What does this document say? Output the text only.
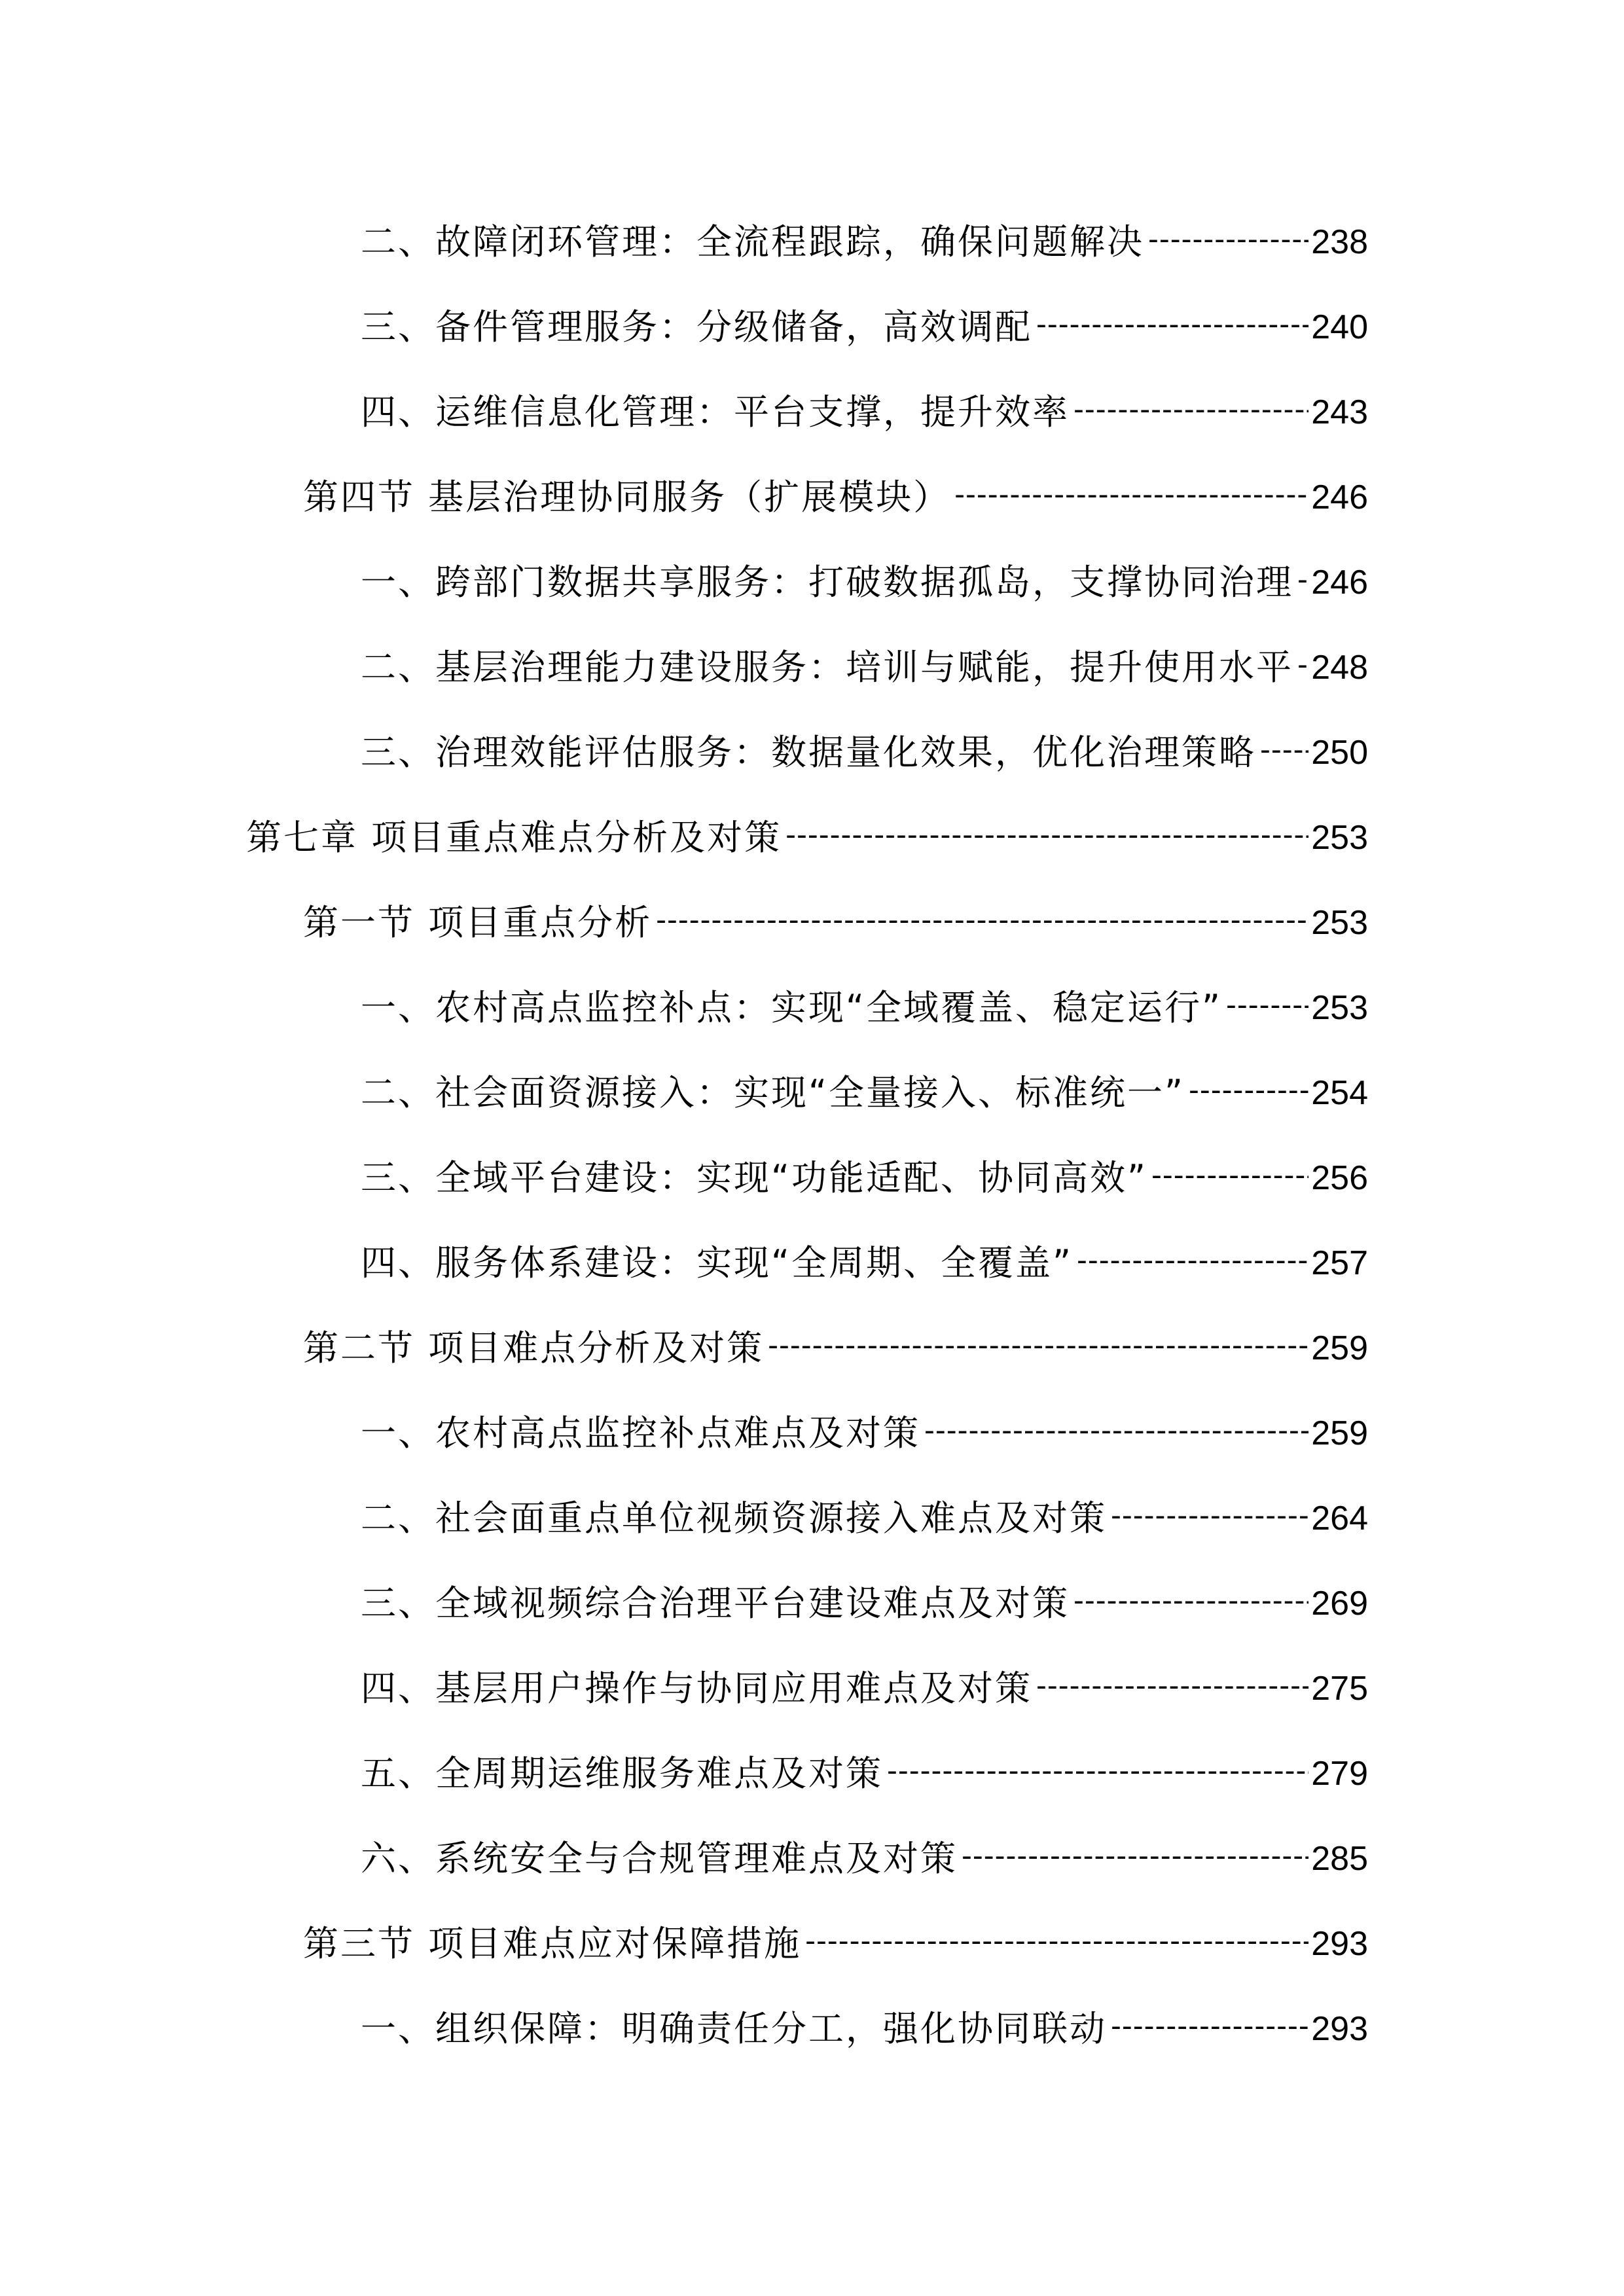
二、故障闭环管理：全流程跟踪，确保问题解决 -----	238
三、备件管理服务：分级储备，高效调配 -----	240
四、运维信息化管理：平台支撑，提升效率 -----	243
第四节 基层治理协同服务（扩展模块） -----	246
一、跨部门数据共享服务：打破数据孤岛，支撑协同治理 ----- 246
二、基层治理能力建设服务：培训与赋能，提升使用水平 ----- 248
三、治理效能评估服务：数据量化效果，优化治理策略 ----- 250
第七章 项目重点难点分析及对策 -----	253
第一节 项目重点分析 -----	253
一、农村高点监控补点：实现“全域覆盖、稳定运行” -----	253
二、社会面资源接入：实现“全量接入、标准统一” -----	254
三、全域平台建设：实现“功能适配、协同高效” -----	256
四、服务体系建设：实现“全周期、全覆盖” -----	257
第二节 项目难点分析及对策 -----	259
一、农村高点监控补点难点及对策 -----	259
二、社会面重点单位视频资源接入难点及对策 -----	264
三、全域视频综合治理平台建设难点及对策 -----	269
四、基层用户操作与协同应用难点及对策 -----	275
五、全周期运维服务难点及对策 -----	279
六、系统安全与合规管理难点及对策 -----	285
第三节 项目难点应对保障措施 -----	293
一、组织保障：明确责任分工，强化协同联动 -----	293
